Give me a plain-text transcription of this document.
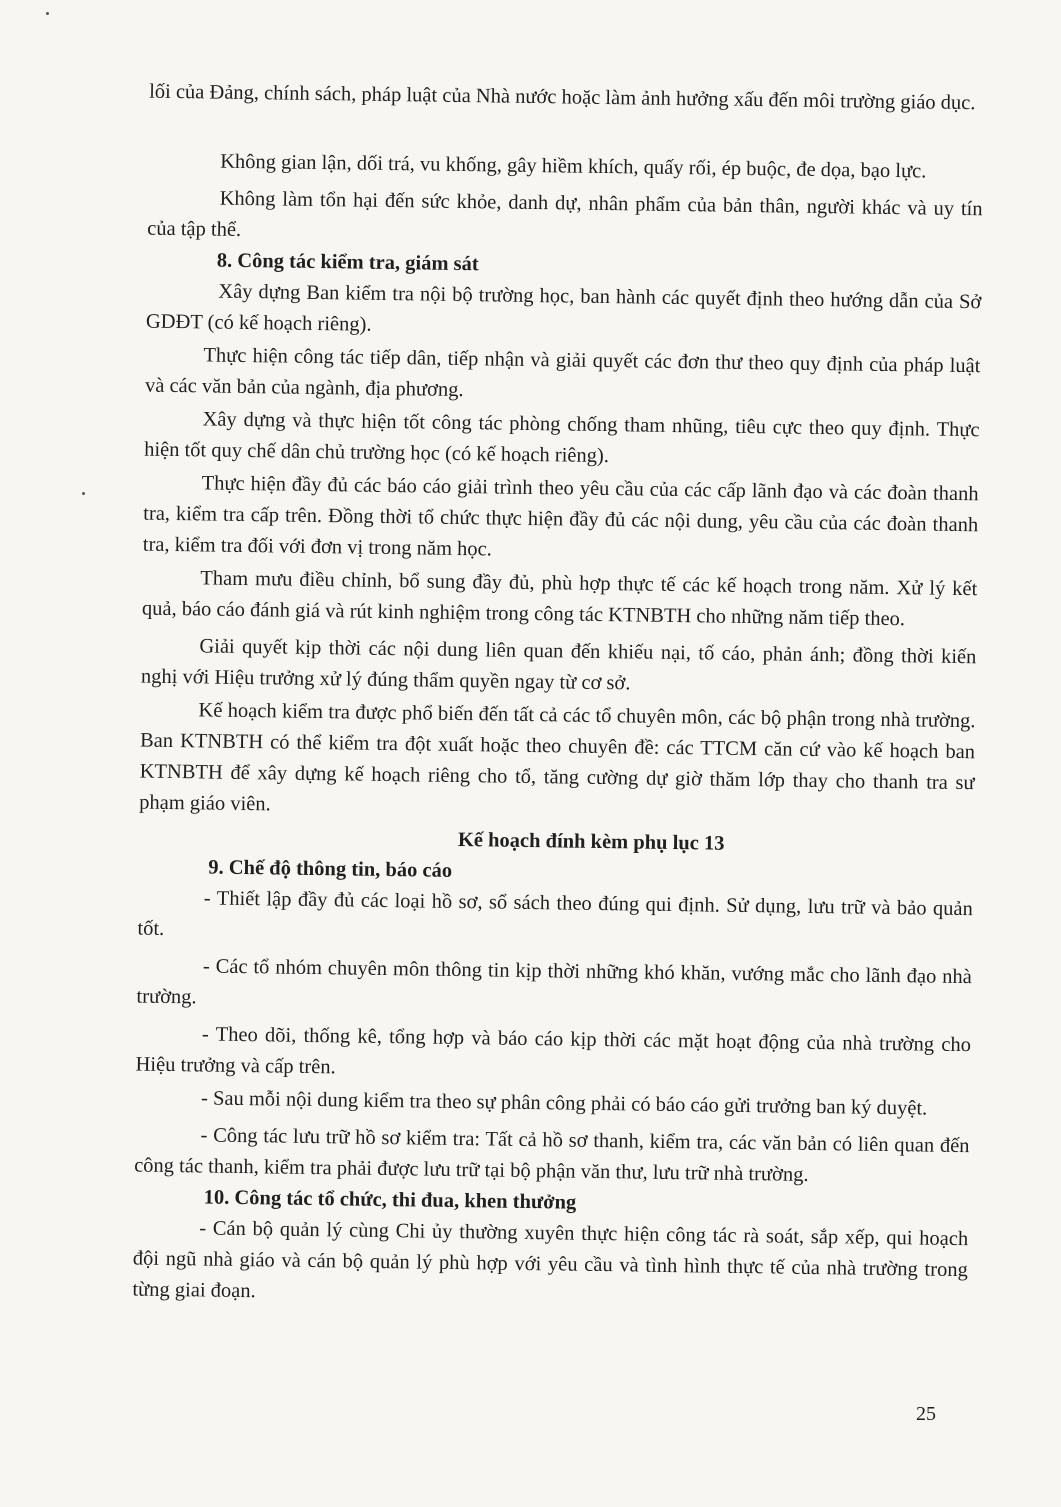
lối của Đảng, chính sách, pháp luật của Nhà nước hoặc làm ảnh hưởng xấu đến môi trường giáo dục.

Không gian lận, dối trá, vu khống, gây hiềm khích, quấy rối, ép buộc, đe dọa, bạo lực.

Không làm tổn hại đến sức khỏe, danh dự, nhân phẩm của bản thân, người khác và uy tín của tập thể.

8. Công tác kiểm tra, giám sát

Xây dựng Ban kiểm tra nội bộ trường học, ban hành các quyết định theo hướng dẫn của Sở GDĐT (có kế hoạch riêng).

Thực hiện công tác tiếp dân, tiếp nhận và giải quyết các đơn thư theo quy định của pháp luật và các văn bản của ngành, địa phương.

Xây dựng và thực hiện tốt công tác phòng chống tham nhũng, tiêu cực theo quy định. Thực hiện tốt quy chế dân chủ trường học (có kế hoạch riêng).

Thực hiện đầy đủ các báo cáo giải trình theo yêu cầu của các cấp lãnh đạo và các đoàn thanh tra, kiểm tra cấp trên. Đồng thời tổ chức thực hiện đầy đủ các nội dung, yêu cầu của các đoàn thanh tra, kiểm tra đối với đơn vị trong năm học.

Tham mưu điều chỉnh, bổ sung đầy đủ, phù hợp thực tế các kế hoạch trong năm. Xử lý kết quả, báo cáo đánh giá và rút kinh nghiệm trong công tác KTNBTH cho những năm tiếp theo.

Giải quyết kịp thời các nội dung liên quan đến khiếu nại, tố cáo, phản ánh; đồng thời kiến nghị với Hiệu trưởng xử lý đúng thẩm quyền ngay từ cơ sở.

Kế hoạch kiểm tra được phổ biến đến tất cả các tổ chuyên môn, các bộ phận trong nhà trường. Ban KTNBTH có thể kiểm tra đột xuất hoặc theo chuyên đề: các TTCM căn cứ vào kế hoạch ban KTNBTH để xây dựng kế hoạch riêng cho tổ, tăng cường dự giờ thăm lớp thay cho thanh tra sư phạm giáo viên.

Kế hoạch đính kèm phụ lục 13

9. Chế độ thông tin, báo cáo

- Thiết lập đầy đủ các loại hồ sơ, sổ sách theo đúng qui định. Sử dụng, lưu trữ và bảo quản tốt.

- Các tổ nhóm chuyên môn thông tin kịp thời những khó khăn, vướng mắc cho lãnh đạo nhà trường.

- Theo dõi, thống kê, tổng hợp và báo cáo kịp thời các mặt hoạt động của nhà trường cho Hiệu trưởng và cấp trên.

- Sau mỗi nội dung kiểm tra theo sự phân công phải có báo cáo gửi trưởng ban ký duyệt.

- Công tác lưu trữ hồ sơ kiểm tra: Tất cả hồ sơ thanh, kiểm tra, các văn bản có liên quan đến công tác thanh, kiểm tra phải được lưu trữ tại bộ phận văn thư, lưu trữ nhà trường.

10. Công tác tổ chức, thi đua, khen thưởng

- Cán bộ quản lý cùng Chi ủy thường xuyên thực hiện công tác rà soát, sắp xếp, qui hoạch đội ngũ nhà giáo và cán bộ quản lý phù hợp với yêu cầu và tình hình thực tế của nhà trường trong từng giai đoạn.

25
